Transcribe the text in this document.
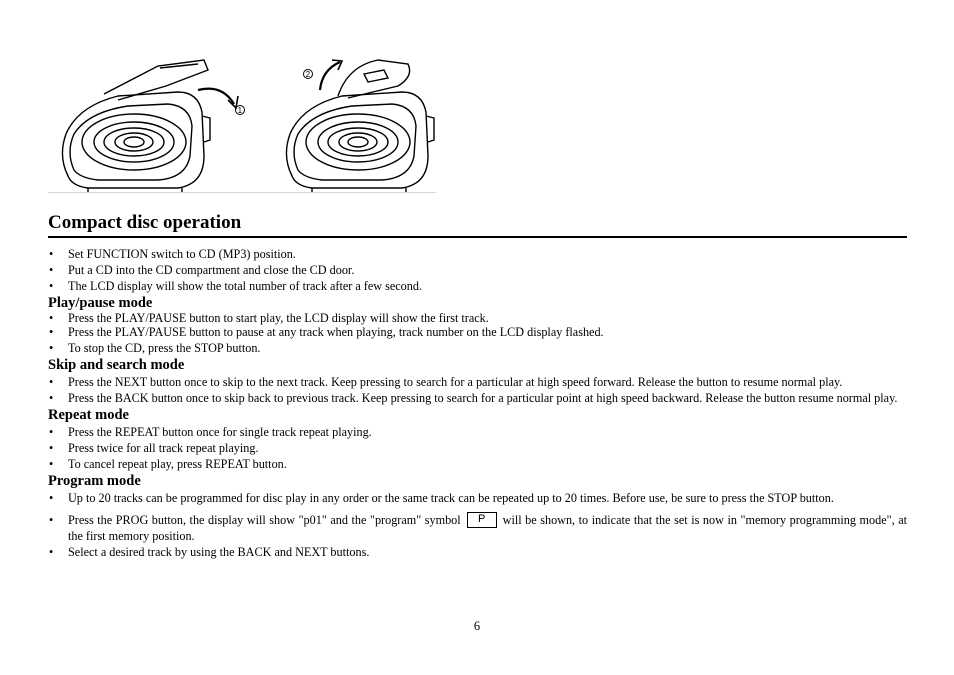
1
2
Compact disc operation
• Set FUNCTION switch to CD (MP3) position.
• Put a CD into the CD compartment and close the CD door.
• The LCD display will show the total number of track after a few second.
Play/pause mode
• Press the PLAY/PAUSE button to start play, the LCD display will show the first track.
• Press the PLAY/PAUSE button to pause at any track when playing, track number on the LCD display flashed.
• To stop the CD, press the STOP button.
Skip and search mode
• Press the NEXT button once to skip to the next track. Keep pressing to search for a particular at high speed forward. Release the button to resume normal play.
• Press the BACK button once to skip back to previous track. Keep pressing to search for a particular point at high speed backward. Release the button resume normal play.
Repeat mode
• Press the REPEAT button once for single track repeat playing.
• Press twice for all track repeat playing.
• To cancel repeat play, press REPEAT button.
Program mode
• Up to 20 tracks can be programmed for disc play in any order or the same track can be repeated up to 20 times. Before use, be sure to press the STOP button.
• Press the PROG button, the display will show "p01" and the "program" symbol P will be shown, to indicate that the set is now in "memory programming mode", at the first memory position.
• Select a desired track by using the BACK and NEXT buttons.
6
